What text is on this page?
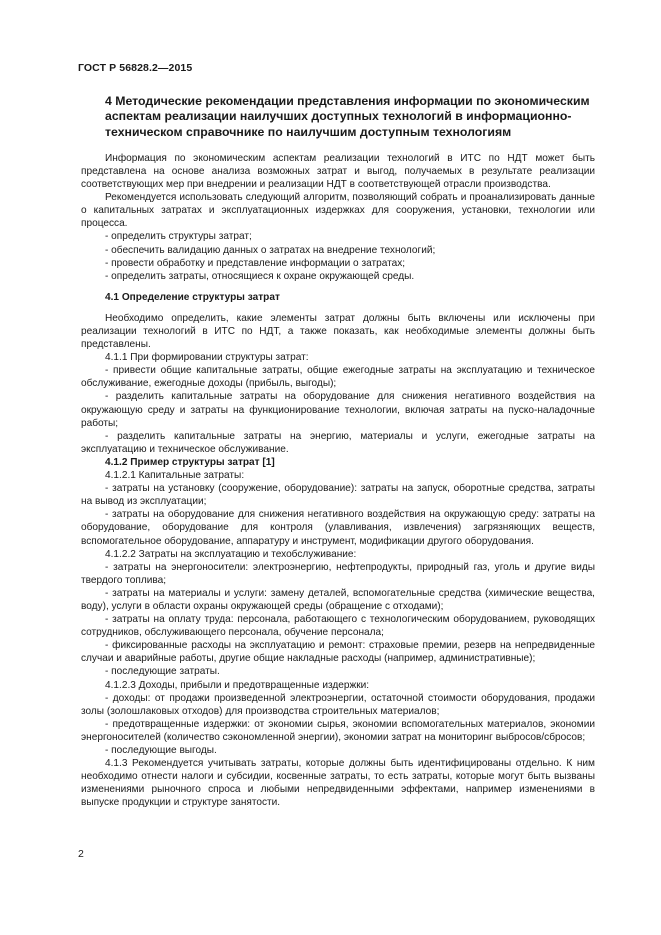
ГОСТ Р 56828.2—2015
4 Методические рекомендации представления информации по экономическим аспектам реализации наилучших доступных технологий в информационно-техническом справочнике по наилучшим доступным технологиям

Информация по экономическим аспектам реализации технологий в ИТС по НДТ может быть представлена на основе анализа возможных затрат и выгод, получаемых в результате реализации соответствующих мер при внедрении и реализации НДТ в соответствующей отрасли производства.

Рекомендуется использовать следующий алгоритм, позволяющий собрать и проанализировать данные о капитальных затратах и эксплуатационных издержках для сооружения, установки, технологии или процесса.

- определить структуры затрат;

- обеспечить валидацию данных о затратах на внедрение технологий;

- провести обработку и представление информации о затратах;

- определить затраты, относящиеся к охране окружающей среды.

4.1 Определение структуры затрат

Необходимо определить, какие элементы затрат должны быть включены или исключены при реализации технологий в ИТС по НДТ, а также показать, как необходимые элементы должны быть представлены.

4.1.1 При формировании структуры затрат:

- привести общие капитальные затраты, общие ежегодные затраты на эксплуатацию и техническое обслуживание, ежегодные доходы (прибыль, выгоды);

- разделить капитальные затраты на оборудование для снижения негативного воздействия на окружающую среду и затраты на функционирование технологии, включая затраты на пуско-наладочные работы;

- разделить капитальные затраты на энергию, материалы и услуги, ежегодные затраты на эксплуатацию и техническое обслуживание.

4.1.2 Пример структуры затрат [1]

4.1.2.1 Капитальные затраты:

- затраты на установку (сооружение, оборудование): затраты на запуск, оборотные средства, затраты на вывод из эксплуатации;

- затраты на оборудование для снижения негативного воздействия на окружающую среду: затраты на оборудование, оборудование для контроля (улавливания, извлечения) загрязняющих веществ, вспомогательное оборудование, аппаратуру и инструмент, модификации другого оборудования.

4.1.2.2 Затраты на эксплуатацию и техобслуживание:

- затраты на энергоносители: электроэнергию, нефтепродукты, природный газ, уголь и другие виды твердого топлива;

- затраты на материалы и услуги: замену деталей, вспомогательные средства (химические вещества, воду), услуги в области охраны окружающей среды (обращение с отходами);

- затраты на оплату труда: персонала, работающего с технологическим оборудованием, руководящих сотрудников, обслуживающего персонала, обучение персонала;

- фиксированные расходы на эксплуатацию и ремонт: страховые премии, резерв на непредвиденные случаи и аварийные работы, другие общие накладные расходы (например, административные);

- последующие затраты.

4.1.2.3 Доходы, прибыли и предотвращенные издержки:

- доходы: от продажи произведенной электроэнергии, остаточной стоимости оборудования, продажи золы (золошлаковых отходов) для производства строительных материалов;

- предотвращенные издержки: от экономии сырья, экономии вспомогательных материалов, экономии энергоносителей (количество сэкономленной энергии), экономии затрат на мониторинг выбросов/сбросов;

- последующие выгоды.

4.1.3 Рекомендуется учитывать затраты, которые должны быть идентифицированы отдельно. К ним необходимо отнести налоги и субсидии, косвенные затраты, то есть затраты, которые могут быть вызваны изменениями рыночного спроса и любыми непредвиденными эффектами, например изменениями в выпуске продукции и структуре занятости.

2
